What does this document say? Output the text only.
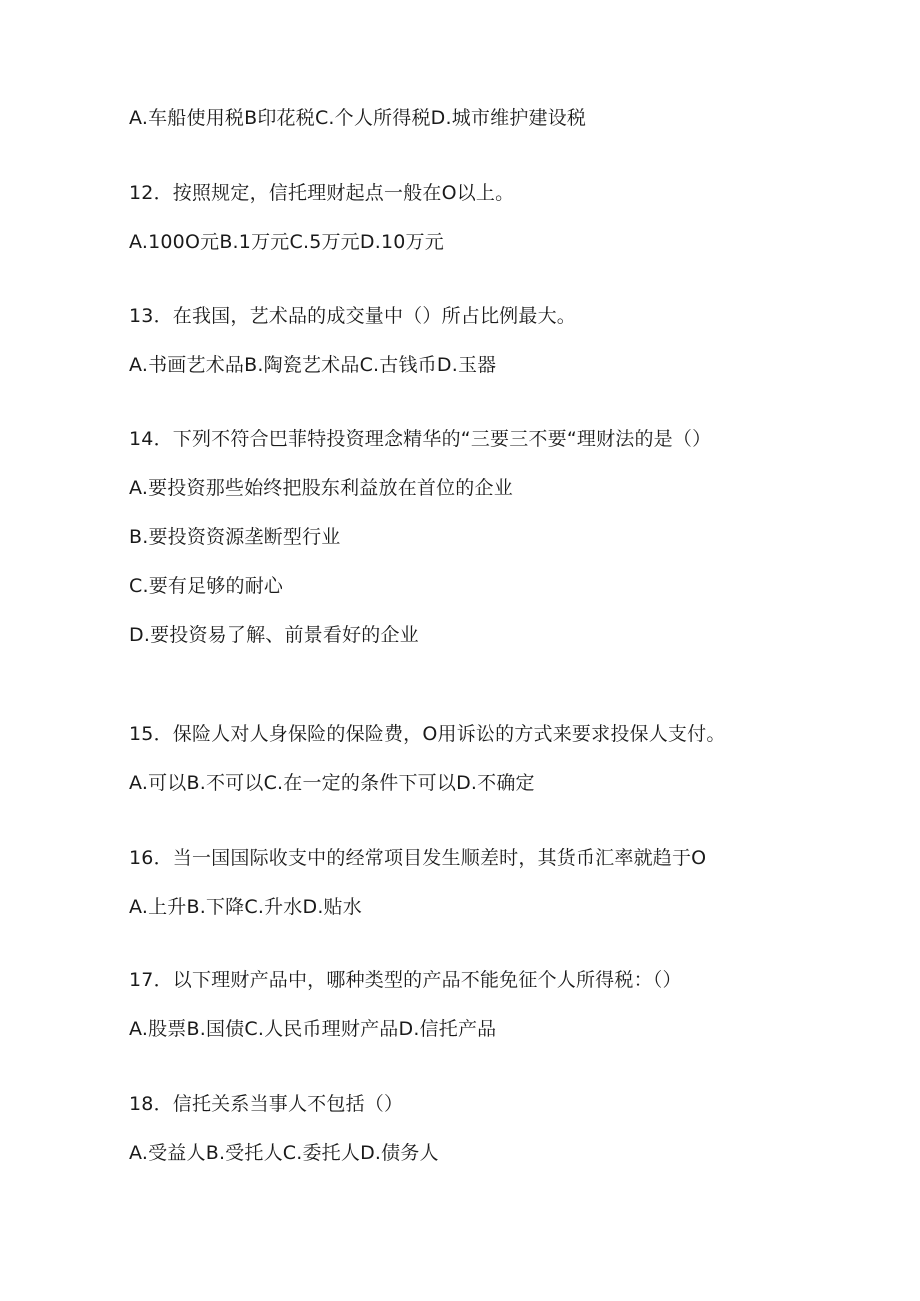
A.车船使用税B印花税C.个人所得税D.城市维护建设税
12．按照规定，信托理财起点一般在O以上。
A.100O元B.1万元C.5万元D.10万元
13．在我国，艺术品的成交量中（）所占比例最大。
A.书画艺术品B.陶瓷艺术品C.古钱币D.玉器
14．下列不符合巴菲特投资理念精华的“三要三不要“理财法的是（）
A.要投资那些始终把股东利益放在首位的企业
B.要投资资源垄断型行业
C.要有足够的耐心
D.要投资易了解、前景看好的企业
15．保险人对人身保险的保险费，O用诉讼的方式来要求投保人支付。
A.可以B.不可以C.在一定的条件下可以D.不确定
16．当一国国际收支中的经常项目发生顺差时，其货币汇率就趋于O
A.上升B.下降C.升水D.贴水
17．以下理财产品中，哪种类型的产品不能免征个人所得税：（）
A.股票B.国债C.人民币理财产品D.信托产品
18．信托关系当事人不包括（）
A.受益人B.受托人C.委托人D.债务人
